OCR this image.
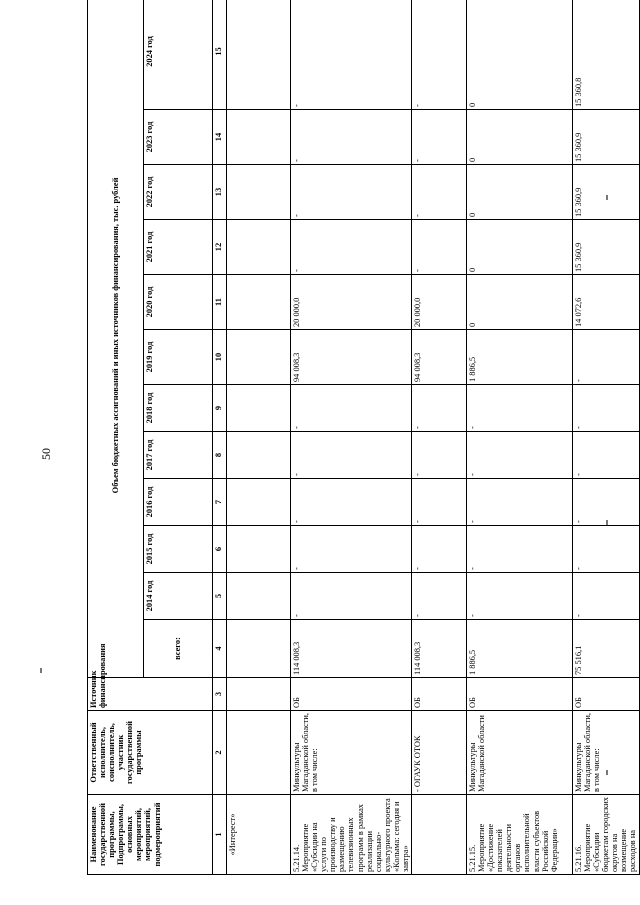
50
Наименование государственной программы, Подпрограммы, основных мероприятий, мероприятий, подмероприятий	Ответственный исполнитель, соисполнитель, участник государственной программы	Источник финансирования	Объем бюджетных ассигнований и иных источников финансирования, тыс. рублей											
			всего:	2014 год	2015 год	2016 год	2017 год	2018 год	2019 год	2020 год	2021 год	2022 год	2023 год	2024 год
1	2	3	4	5	6	7	8	9	10	11	12	13	14	15
«Интерест»														
5.21.14. Мероприятие «Субсидии на услуги по производству и размещению телевизионных программ в рамках реализации социально-культурного проекта «Колыма: сегодня и завтра»	Минкультуры Магаданской области, в том числе:	ОБ	114 008,3	-	-	-	-	-	94 008,3	20 000,0	-	-	-	-
	- ОГАУК ОТОК	ОБ	114 008,3	-	-	-	-	-	94 008,3	20 000,0	-	-	-	-
5.21.15. Мероприятие «Достижение показателей деятельности органов исполнительной власти субъектов Российской Федерации»	Минкультуры Магаданской области	ОБ	1 886,5	-	-	-	-	-	1 886,5	0	0	0	0	0
5.21.16. Мероприятие «Субсидии бюджетам городских округов на возмещение расходов на	Минкультуры Магаданской области, в том числе:	ОБ	75 516,1	-	-	-	-	-	-	14 072,6	15 360,9	15 360,9	15 360,9	15 360,8
